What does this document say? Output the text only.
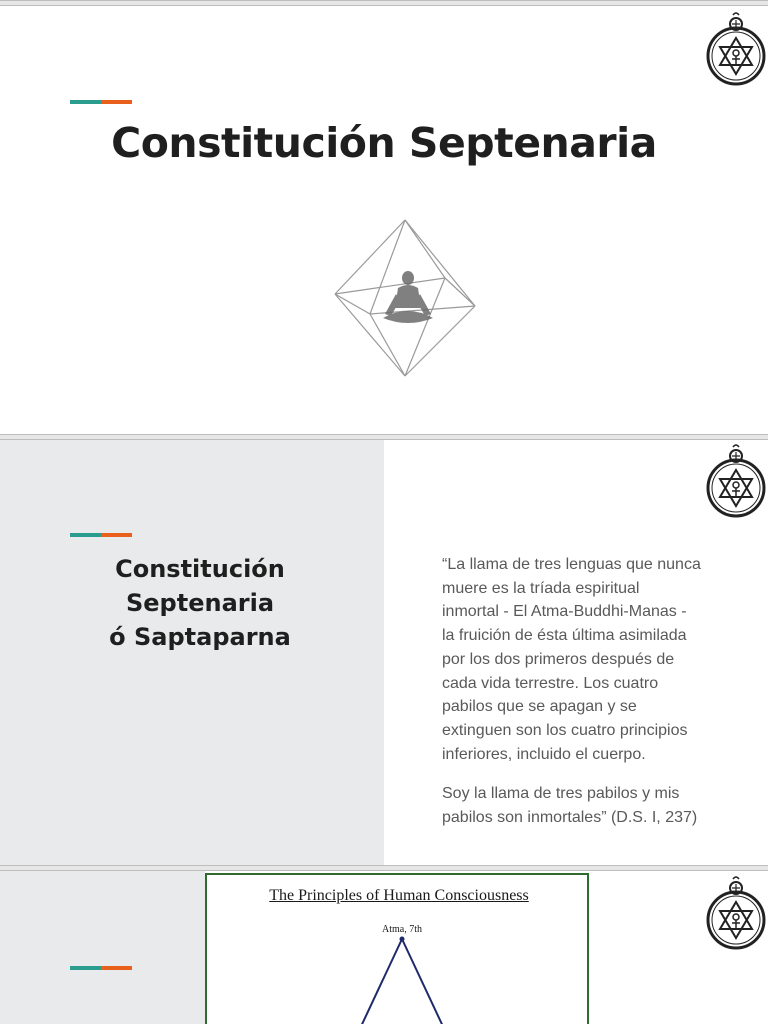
Constitución Septenaria
Constitución
Septenaria
ó Saptaparna
“La llama de tres lenguas que nunca
muere es la tríada espiritual
inmortal - El Atma-Buddhi-Manas -
la fruición de ésta última asimilada
por los dos primeros después de
cada vida terrestre. Los cuatro
pabilos que se apagan y se
extinguen son los cuatro principios
inferiores, incluido el cuerpo.
Soy la llama de tres pabilos y mis
pabilos son inmortales” (D.S. I, 237)
The Principles of Human Consciousness
Atma, 7th
